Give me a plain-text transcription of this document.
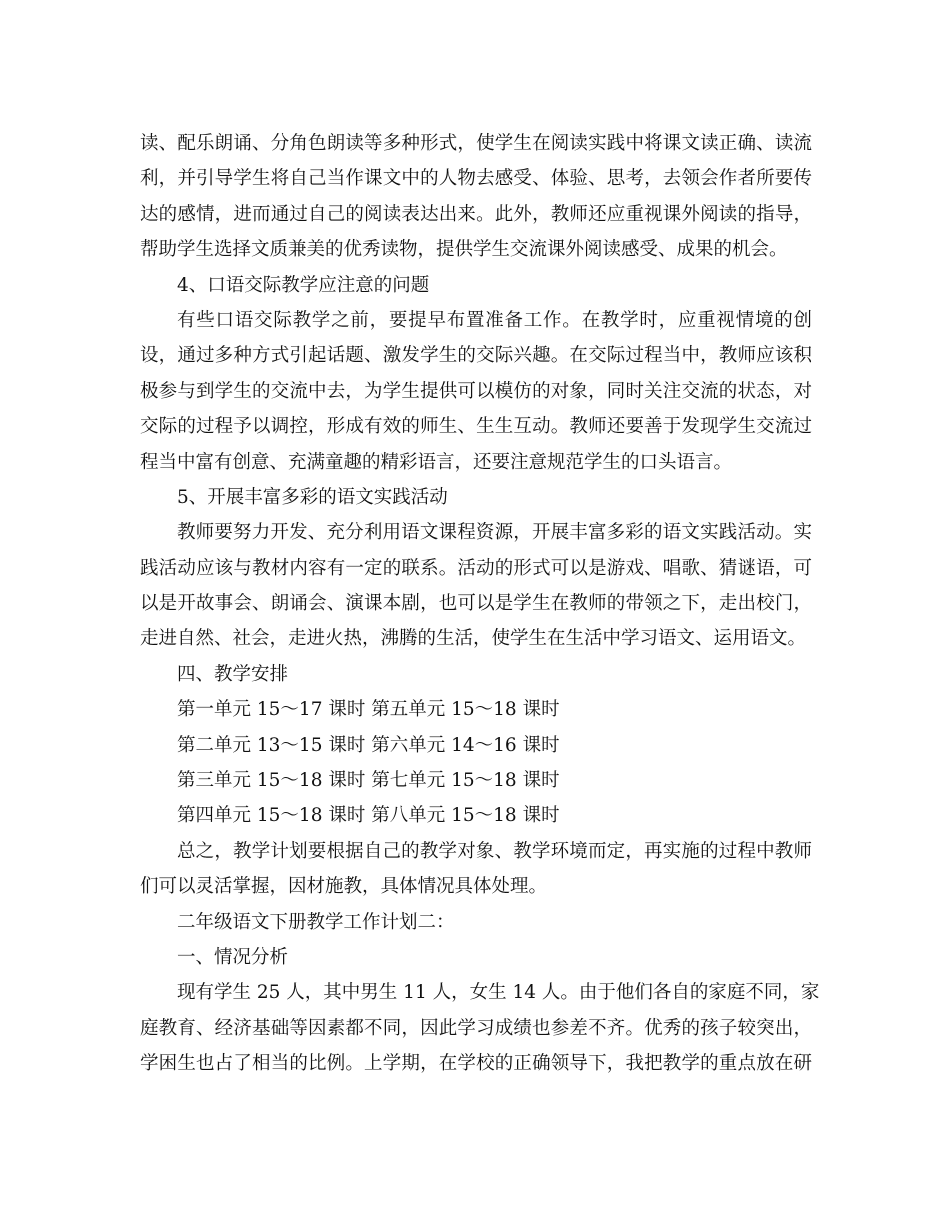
读、配乐朗诵、分角色朗读等多种形式，使学生在阅读实践中将课文读正确、读流
利，并引导学生将自己当作课文中的人物去感受、体验、思考，去领会作者所要传
达的感情，进而通过自己的阅读表达出来。此外，教师还应重视课外阅读的指导，
帮助学生选择文质兼美的优秀读物，提供学生交流课外阅读感受、成果的机会。
4、口语交际教学应注意的问题
有些口语交际教学之前，要提早布置准备工作。在教学时，应重视情境的创
设，通过多种方式引起话题、激发学生的交际兴趣。在交际过程当中，教师应该积
极参与到学生的交流中去，为学生提供可以模仿的对象，同时关注交流的状态，对
交际的过程予以调控，形成有效的师生、生生互动。教师还要善于发现学生交流过
程当中富有创意、充满童趣的精彩语言，还要注意规范学生的口头语言。
5、开展丰富多彩的语文实践活动
教师要努力开发、充分利用语文课程资源，开展丰富多彩的语文实践活动。实
践活动应该与教材内容有一定的联系。活动的形式可以是游戏、唱歌、猜谜语，可
以是开故事会、朗诵会、演课本剧，也可以是学生在教师的带领之下，走出校门，
走进自然、社会，走进火热，沸腾的生活，使学生在生活中学习语文、运用语文。
四、教学安排
第一单元 15～17 课时 第五单元 15～18 课时
第二单元 13～15 课时 第六单元 14～16 课时
第三单元 15～18 课时 第七单元 15～18 课时
第四单元 15～18 课时 第八单元 15～18 课时
总之，教学计划要根据自己的教学对象、教学环境而定，再实施的过程中教师
们可以灵活掌握，因材施教，具体情况具体处理。
二年级语文下册教学工作计划二：
一、情况分析
现有学生 25 人，其中男生 11 人，女生 14 人。由于他们各自的家庭不同，家
庭教育、经济基础等因素都不同，因此学习成绩也参差不齐。优秀的孩子较突出，
学困生也占了相当的比例。上学期，在学校的正确领导下，我把教学的重点放在研
